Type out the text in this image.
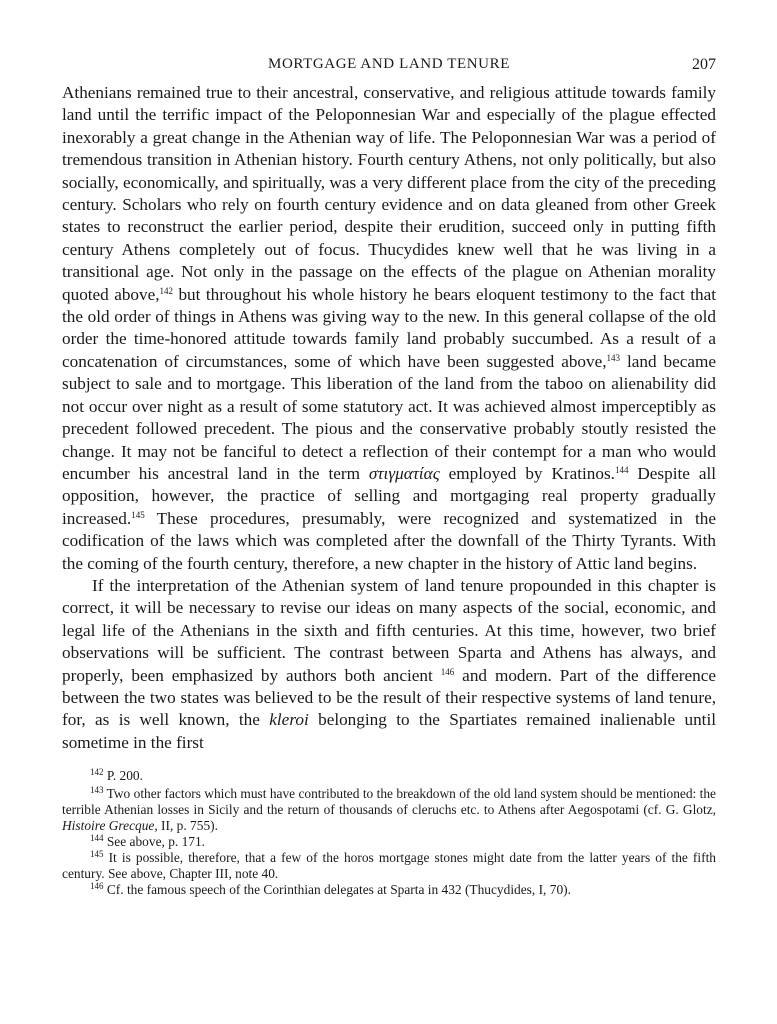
MORTGAGE AND LAND TENURE	207

Athenians remained true to their ancestral, conservative, and religious attitude towards family land until the terrific impact of the Peloponnesian War and especially of the plague effected inexorably a great change in the Athenian way of life. The Peloponnesian War was a period of tremendous transition in Athenian history. Fourth century Athens, not only politically, but also socially, economically, and spiritually, was a very different place from the city of the preceding century. Scholars who rely on fourth century evidence and on data gleaned from other Greek states to reconstruct the earlier period, despite their erudition, succeed only in putting fifth century Athens completely out of focus. Thucydides knew well that he was living in a transitional age. Not only in the passage on the effects of the plague on Athenian morality quoted above,$^{142}$ but throughout his whole history he bears eloquent testimony to the fact that the old order of things in Athens was giving way to the new. In this general collapse of the old order the time-honored attitude towards family land probably succumbed. As a result of a concatenation of circumstances, some of which have been suggested above,$^{143}$ land became subject to sale and to mortgage. This liberation of the land from the taboo on alienability did not occur over night as a result of some statutory act. It was achieved almost imperceptibly as precedent followed precedent. The pious and the conservative probably stoutly resisted the change. It may not be fanciful to detect a reflection of their contempt for a man who would encumber his ancestral land in the term στιγματίας employed by Kratinos.$^{144}$ Despite all opposition, however, the practice of selling and mortgaging real property gradually increased.$^{145}$ These procedures, presumably, were recognized and systematized in the codification of the laws which was completed after the downfall of the Thirty Tyrants. With the coming of the fourth century, therefore, a new chapter in the history of Attic land begins.

If the interpretation of the Athenian system of land tenure propounded in this chapter is correct, it will be necessary to revise our ideas on many aspects of the social, economic, and legal life of the Athenians in the sixth and fifth centuries. At this time, however, two brief observations will be sufficient. The contrast between Sparta and Athens has always, and properly, been emphasized by authors both ancient $^{146}$ and modern. Part of the difference between the two states was believed to be the result of their respective systems of land tenure, for, as is well known, the kleroi belonging to the Spartiates remained inalienable until sometime in the first

$^{142}$ P. 200.

$^{143}$ Two other factors which must have contributed to the breakdown of the old land system should be mentioned: the terrible Athenian losses in Sicily and the return of thousands of cleruchs etc. to Athens after Aegospotami (cf. G. Glotz, Histoire Grecque, II, p. 755).

$^{144}$ See above, p. 171.

$^{145}$ It is possible, therefore, that a few of the horos mortgage stones might date from the latter years of the fifth century. See above, Chapter III, note 40.

$^{146}$ Cf. the famous speech of the Corinthian delegates at Sparta in 432 (Thucydides, I, 70).
